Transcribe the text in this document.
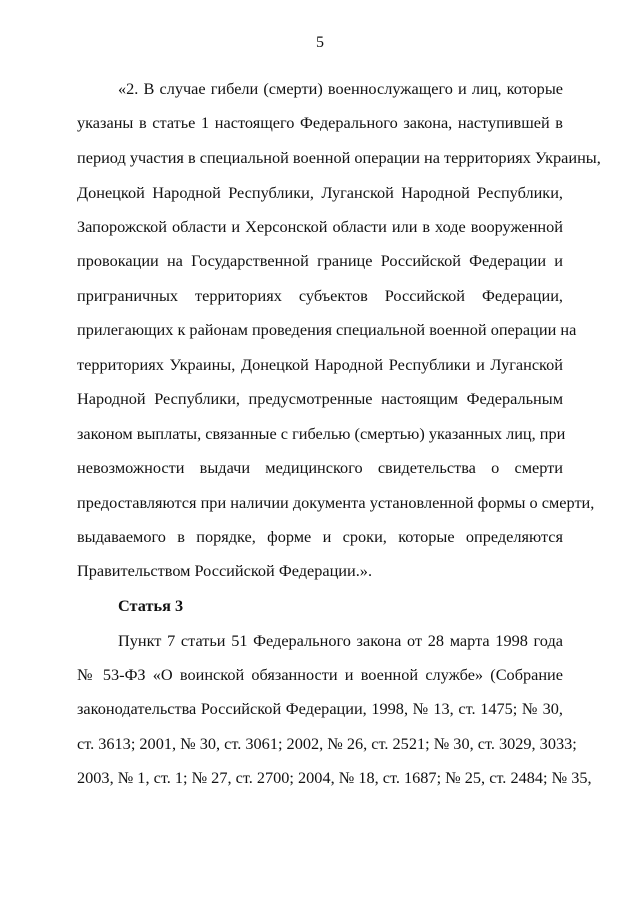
5
«2. В случае гибели (смерти) военнослужащего и лиц, которые
указаны в статье 1 настоящего Федерального закона, наступившей в
период участия в специальной военной операции на территориях Украины,
Донецкой Народной Республики, Луганской Народной Республики,
Запорожской области и Херсонской области или в ходе вооруженной
провокации на Государственной границе Российской Федерации и
приграничных территориях субъектов Российской Федерации,
прилегающих к районам проведения специальной военной операции на
территориях Украины, Донецкой Народной Республики и Луганской
Народной Республики, предусмотренные настоящим Федеральным
законом выплаты, связанные с гибелью (смертью) указанных лиц, при
невозможности выдачи медицинского свидетельства о смерти
предоставляются при наличии документа установленной формы о смерти,
выдаваемого в порядке, форме и сроки, которые определяются
Правительством Российской Федерации.».
Статья 3
Пункт 7 статьи 51 Федерального закона от 28 марта 1998 года
№ 53-ФЗ «О воинской обязанности и военной службе» (Собрание
законодательства Российской Федерации, 1998, № 13, ст. 1475; № 30,
ст. 3613; 2001, № 30, ст. 3061; 2002, № 26, ст. 2521; № 30, ст. 3029, 3033;
2003, № 1, ст. 1; № 27, ст. 2700; 2004, № 18, ст. 1687; № 25, ст. 2484; № 35,
